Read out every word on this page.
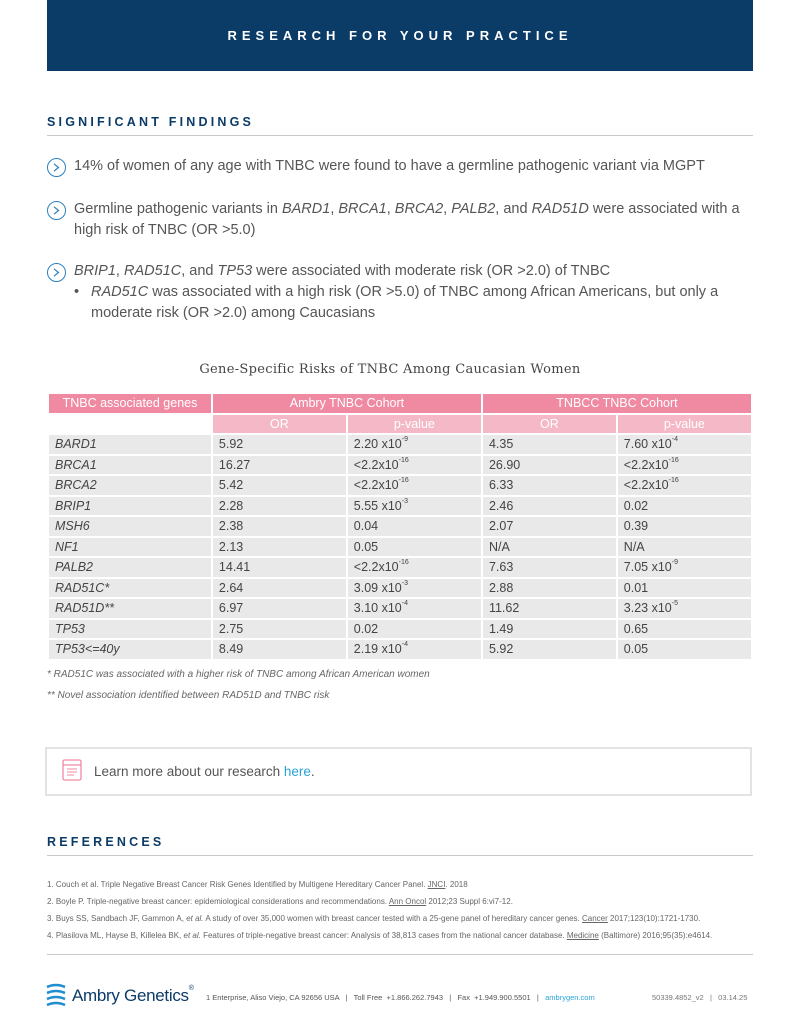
RESEARCH FOR YOUR PRACTICE
SIGNIFICANT FINDINGS
14% of women of any age with TNBC were found to have a germline pathogenic variant via MGPT
Germline pathogenic variants in BARD1, BRCA1, BRCA2, PALB2, and RAD51D were associated with a high risk of TNBC (OR >5.0)
BRIP1, RAD51C, and TP53 were associated with moderate risk (OR >2.0) of TNBC
• RAD51C was associated with a high risk (OR >5.0) of TNBC among African Americans, but only a moderate risk (OR >2.0) among Caucasians
Gene-Specific Risks of TNBC Among Caucasian Women
TNBC associated genes	Ambry TNBC Cohort		TNBCC TNBC Cohort	
	OR	p-value	OR	p-value
BARD1	5.92	2.20 $x10^{-9}$	4.35	7.60 $x10^{-4}$
BRCA1	16.27	$<2.2x10^{-16}$	26.90	$<2.2x10^{-16}$
BRCA2	5.42	$<2.2x10^{-16}$	6.33	$<2.2x10^{-16}$
BRIP1	2.28	5.55 $x10^{-3}$	2.46	0.02
MSH6	2.38	0.04	2.07	0.39
NF1	2.13	0.05	N/A	N/A
PALB2	14.41	$<2.2x10^{-16}$	7.63	7.05 $x10^{-9}$
RAD51C*	2.64	3.09 $x10^{-3}$	2.88	0.01
RAD51D**	6.97	3.10 $x10^{-4}$	11.62	3.23 $x10^{-5}$
TP53	2.75	0.02	1.49	0.65
TP53<=40y	8.49	2.19 $x10^{-4}$	5.92	0.05
* RAD51C was associated with a higher risk of TNBC among African American women
** Novel association identified between RAD51D and TNBC risk
Learn more about our research here.
REFERENCES
1. Couch et al. Triple Negative Breast Cancer Risk Genes Identified by Multigene Hereditary Cancer Panel. JNCI. 2018
2. Boyle P. Triple-negative breast cancer: epidemiological considerations and recommendations. Ann Oncol 2012;23 Suppl 6:vi7-12.
3. Buys SS, Sandbach JF, Gammon A, et al. A study of over 35,000 women with breast cancer tested with a 25-gene panel of hereditary cancer genes. Cancer 2017;123(10):1721-1730.
4. Plasilova ML, Hayse B, Killelea BK, et al. Features of triple-negative breast cancer: Analysis of 38,813 cases from the national cancer database. Medicine (Baltimore) 2016;95(35):e4614.
Ambry Genetics®
1 Enterprise, Aliso Viejo, CA 92656 USA   |   Toll Free  +1.866.262.7943   |   Fax  +1.949.900.5501   |   ambrygen.com	50339.4852_v2   |   03.14.25
